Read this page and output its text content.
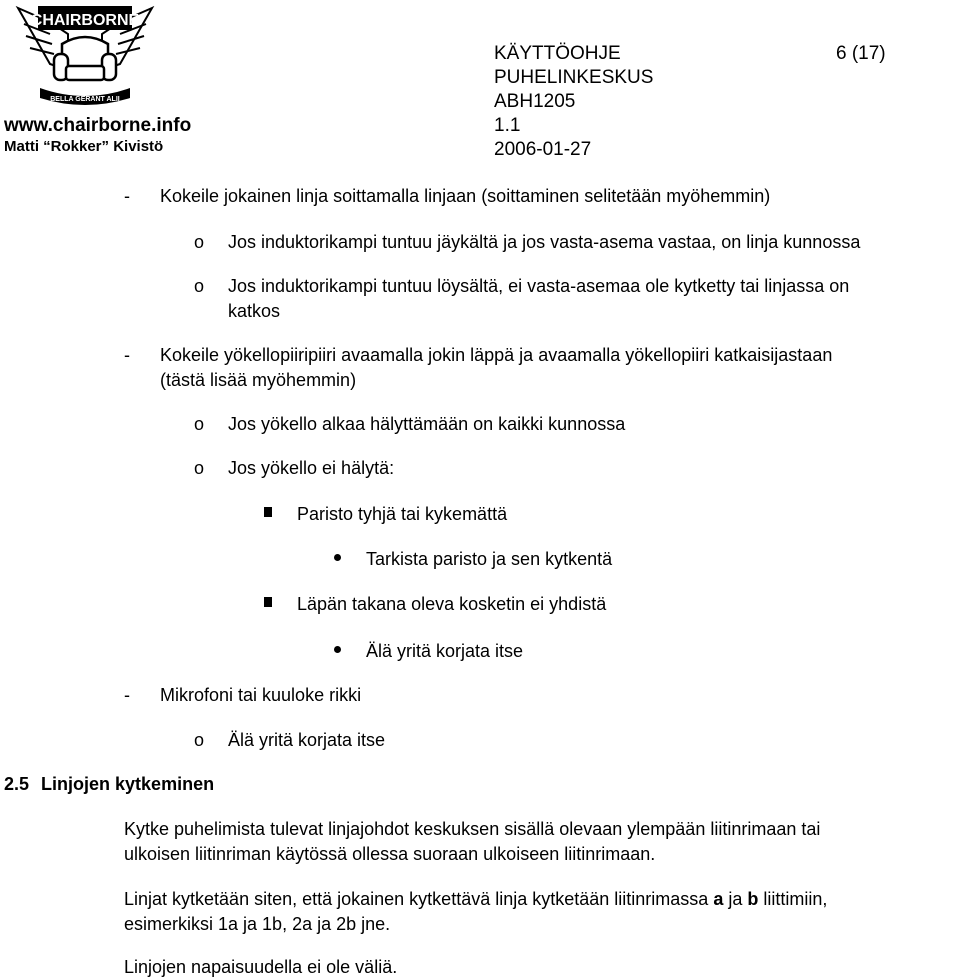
CHAIRBORNE
BELLA GERANT ALII
www.chairborne.info
Matti “Rokker” Kivistö
KÄYTTÖOHJE
PUHELINKESKUS
ABH1205
1.1
2006-01-27
6 (17)
- Kokeile jokainen linja soittamalla linjaan (soittaminen selitetään myöhemmin)
o Jos induktorikampi tuntuu jäykältä ja jos vasta-asema vastaa, on linja kunnossa
o Jos induktorikampi tuntuu löysältä, ei vasta-asemaa ole kytketty tai linjassa on
katkos
- Kokeile yökellopiiripiiri avaamalla jokin läppä ja avaamalla yökellopiiri katkaisijastaan
(tästä lisää myöhemmin)
o Jos yökello alkaa hälyttämään on kaikki kunnossa
o Jos yökello ei hälytä:
Paristo tyhjä tai kykemättä
Tarkista paristo ja sen kytkentä
Läpän takana oleva kosketin ei yhdistä
Älä yritä korjata itse
- Mikrofoni tai kuuloke rikki
o Älä yritä korjata itse
2.5 Linjojen kytkeminen
Kytke puhelimista tulevat linjajohdot keskuksen sisällä olevaan ylempään liitinrimaan tai
ulkoisen liitinriman käytössä ollessa suoraan ulkoiseen liitinrimaan.
Linjat kytketään siten, että jokainen kytkettävä linja kytketään liitinrimassa a ja b liittimiin,
esimerkiksi 1a ja 1b, 2a ja 2b jne.
Linjojen napaisuudella ei ole väliä.
